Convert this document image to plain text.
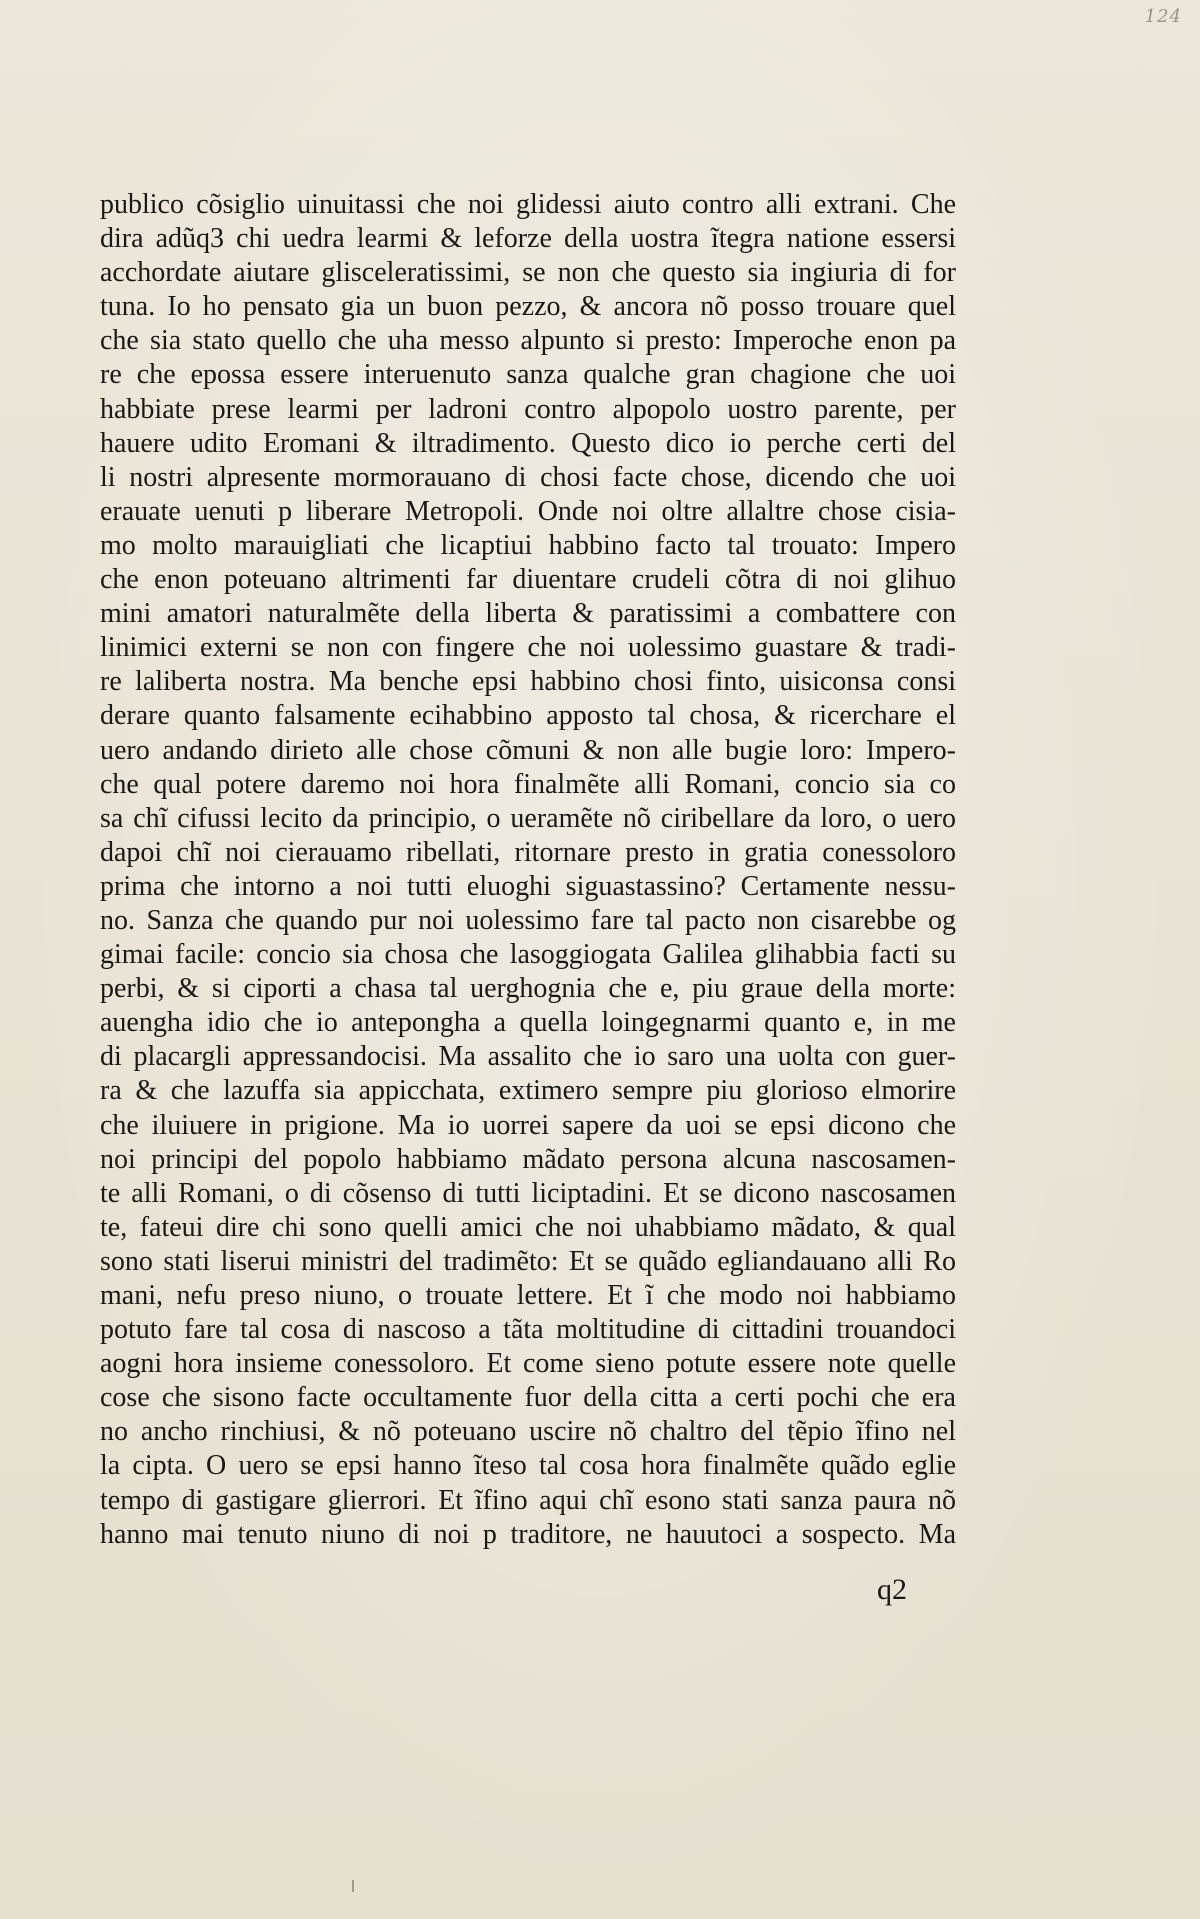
124
publico cõsiglio uinuitassi che noi glidessi aiuto contro alli extrani. Che
dira adũq3 chi uedra learmi & leforze della uostra ĩtegra natione essersi
acchordate aiutare glisceleratissimi, se non che questo sia ingiuria di for
tuna. Io ho pensato gia un buon pezzo, & ancora nõ posso trouare quel
che sia stato quello che uha messo alpunto si presto: Imperoche enon pa
re che epossa essere interuenuto sanza qualche gran chagione che uoi
habbiate prese learmi per ladroni contro alpopolo uostro parente, per
hauere udito Eromani & iltradimento. Questo dico io perche certi del
li nostri alpresente mormorauano di chosi facte chose, dicendo che uoi
erauate uenuti p liberare Metropoli. Onde noi oltre allaltre chose cisia-
mo molto marauigliati che licaptiui habbino facto tal trouato: Impero
che enon poteuano altrimenti far diuentare crudeli cõtra di noi glihuo
mini amatori naturalmẽte della liberta & paratissimi a combattere con
linimici externi se non con fingere che noi uolessimo guastare & tradi-
re laliberta nostra. Ma benche epsi habbino chosi finto, uisiconsa consi
derare quanto falsamente ecihabbino apposto tal chosa, & ricerchare el
uero andando dirieto alle chose cõmuni & non alle bugie loro: Impero-
che qual potere daremo noi hora finalmẽte alli Romani, concio sia co
sa chĩ cifussi lecito da principio, o ueramẽte nõ ciribellare da loro, o uero
dapoi chĩ noi cierauamo ribellati, ritornare presto in gratia conessoloro
prima che intorno a noi tutti eluoghi siguastassino? Certamente nessu-
no. Sanza che quando pur noi uolessimo fare tal pacto non cisarebbe og
gimai facile: concio sia chosa che lasoggiogata Galilea glihabbia facti su
perbi, & si ciporti a chasa tal uerghognia che e, piu graue della morte:
auengha idio che io antepongha a quella loingegnarmi quanto e, in me
di placargli appressandocisi. Ma assalito che io saro una uolta con guer-
ra & che lazuffa sia appicchata, extimero sempre piu glorioso elmorire
che iluiuere in prigione. Ma io uorrei sapere da uoi se epsi dicono che
noi principi del popolo habbiamo mãdato persona alcuna nascosamen-
te alli Romani, o di cõsenso di tutti liciptadini. Et se dicono nascosamen
te, fateui dire chi sono quelli amici che noi uhabbiamo mãdato, & qual
sono stati liserui ministri del tradimẽto: Et se quãdo egliandauano alli Ro
mani, nefu preso niuno, o trouate lettere. Et ĩ che modo noi habbiamo
potuto fare tal cosa di nascoso a tãta moltitudine di cittadini trouandoci
aogni hora insieme conessoloro. Et come sieno potute essere note quelle
cose che sisono facte occultamente fuor della citta a certi pochi che era
no ancho rinchiusi, & nõ poteuano uscire nõ chaltro del tẽpio ĩfino nel
la cipta. O uero se epsi hanno ĩteso tal cosa hora finalmẽte quãdo eglie
tempo di gastigare glierrori. Et ĩfino aqui chĩ esono stati sanza paura nõ
hanno mai tenuto niuno di noi p traditore, ne hauutoci a sospecto. Ma
q2
